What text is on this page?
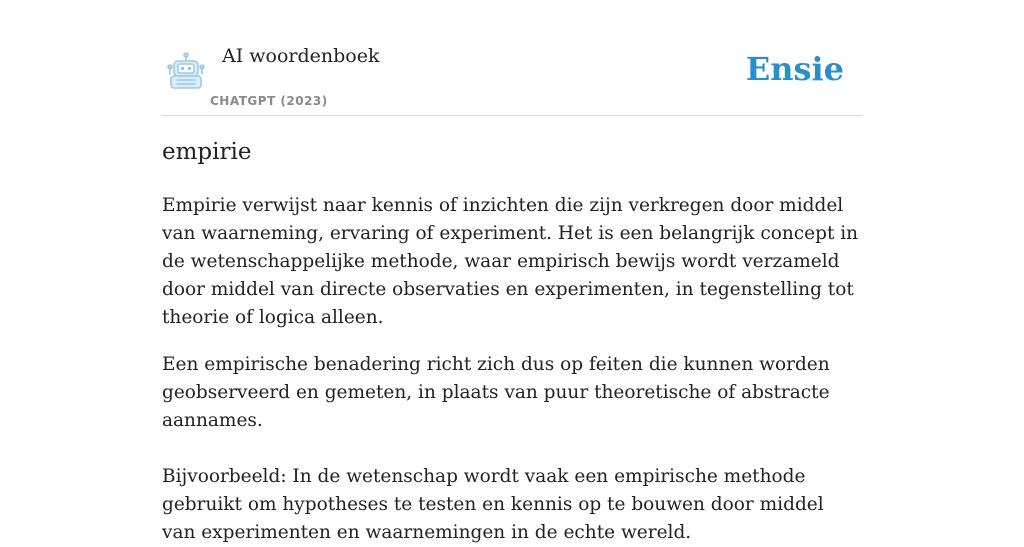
AI woordenboek
CHATGPT (2023)
Ensie
empirie

Empirie verwijst naar kennis of inzichten die zijn verkregen door middel van waarneming, ervaring of experiment. Het is een belangrijk concept in de wetenschappelijke methode, waar empirisch bewijs wordt verzameld door middel van directe observaties en experimenten, in tegenstelling tot theorie of logica alleen.

Een empirische benadering richt zich dus op feiten die kunnen worden geobserveerd en gemeten, in plaats van puur theoretische of abstracte aannames.

Bijvoorbeeld: In de wetenschap wordt vaak een empirische methode gebruikt om hypotheses te testen en kennis op te bouwen door middel van experimenten en waarnemingen in de echte wereld.
